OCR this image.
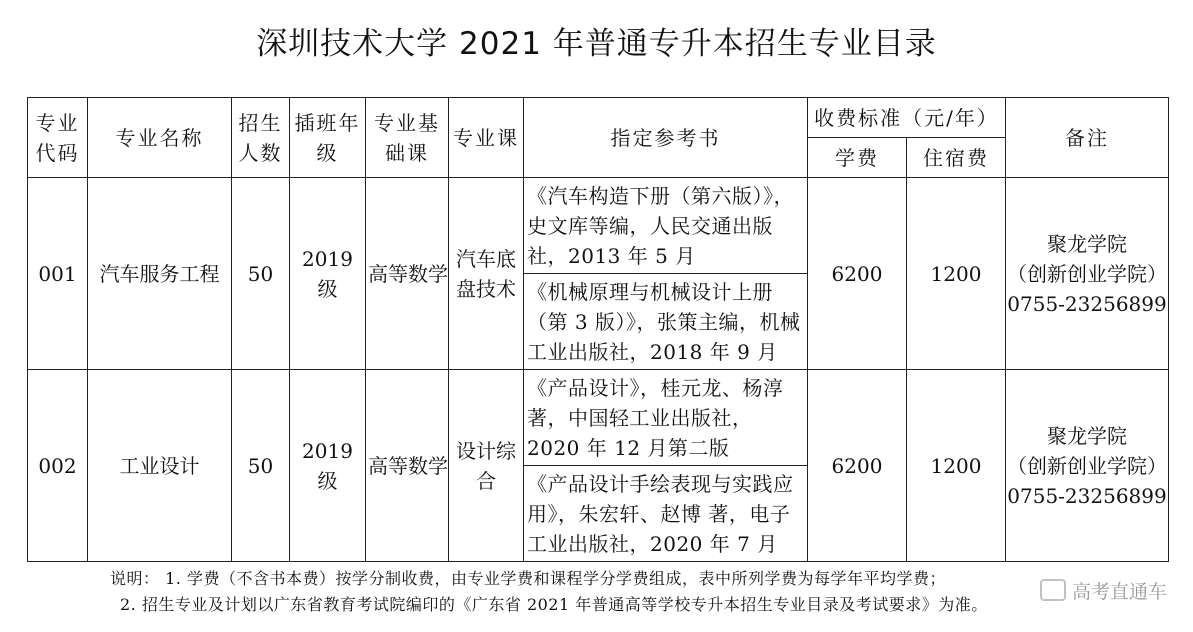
深圳技术大学 2021 年普通专升本招生专业目录
专业代码	专业名称	招生人数	插班年级	专业基础课	专业课	指定参考书	收费标准（元/年）		备注
							学费	住宿费	
001	汽车服务工程	50	2019 级	高等数学	汽车底盘技术	《汽车构造下册（第六版）》，史文库等编，人民交通出版社，2013 年 5 月	6200	1200	聚龙学院
（创新创业学院）
0755-23256899

						《机械原理与机械设计上册（第 3 版）》，张策主编，机械工业出版社，2018 年 9 月			
002	工业设计	50	2019 级	高等数学	设计综合	《产品设计》，桂元龙、杨淳著，中国轻工业出版社，2020 年 12 月第二版	6200	1200	聚龙学院
（创新创业学院）
0755-23256899

						《产品设计手绘表现与实践应用》，朱宏轩、赵博 著，电子工业出版社，2020 年 7 月			
说明： 1. 学费（不含书本费）按学分制收费，由专业学费和课程学分学费组成，表中所列学费为每学年平均学费；
2. 招生专业及计划以广东省教育考试院编印的《广东省 2021 年普通高等学校专升本招生专业目录及考试要求》为准。
高考直通车
